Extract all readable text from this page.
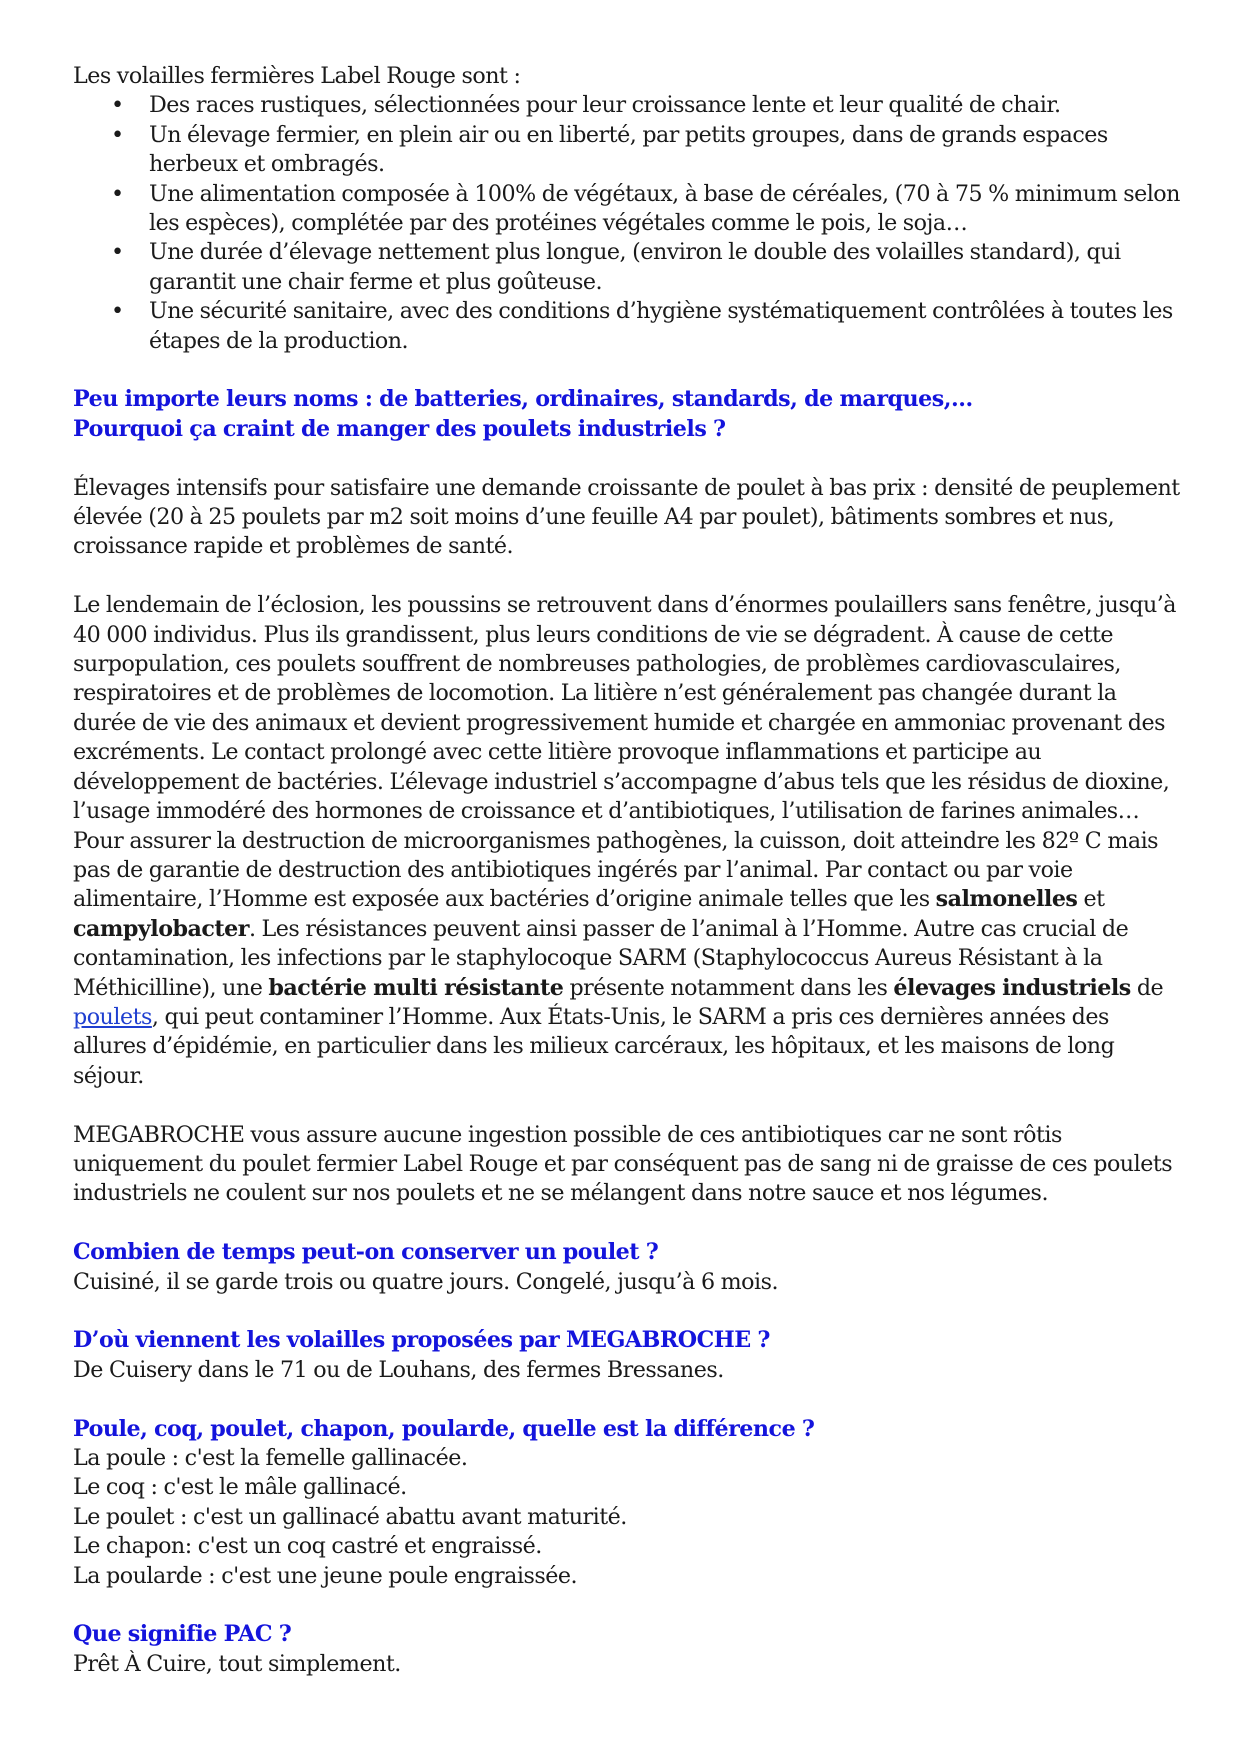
Les volailles fermières Label Rouge sont :

• Des races rustiques, sélectionnées pour leur croissance lente et leur qualité de chair.
• Un élevage fermier, en plein air ou en liberté, par petits groupes, dans de grands espaces herbeux et ombragés.
• Une alimentation composée à 100% de végétaux, à base de céréales, (70 à 75 % minimum selon les espèces), complétée par des protéines végétales comme le pois, le soja…
• Une durée d’élevage nettement plus longue, (environ le double des volailles standard), qui garantit une chair ferme et plus goûteuse.
• Une sécurité sanitaire, avec des conditions d’hygiène systématiquement contrôlées à toutes les étapes de la production.

Peu importe leurs noms : de batteries, ordinaires, standards, de marques,…

Pourquoi ça craint de manger des poulets industriels ?

Élevages intensifs pour satisfaire une demande croissante de poulet à bas prix : densité de peuplement élevée (20 à 25 poulets par m2 soit moins d’une feuille A4 par poulet), bâtiments sombres et nus, croissance rapide et problèmes de santé.

Le lendemain de l’éclosion, les poussins se retrouvent dans d’énormes poulaillers sans fenêtre, jusqu’à 40 000 individus. Plus ils grandissent, plus leurs conditions de vie se dégradent. À cause de cette surpopulation, ces poulets souffrent de nombreuses pathologies, de problèmes cardiovasculaires, respiratoires et de problèmes de locomotion. La litière n’est généralement pas changée durant la durée de vie des animaux et devient progressivement humide et chargée en ammoniac provenant des excréments. Le contact prolongé avec cette litière provoque inflammations et participe au développement de bactéries. L’élevage industriel s’accompagne d’abus tels que les résidus de dioxine, l’usage immodéré des hormones de croissance et d’antibiotiques, l’utilisation de farines animales… Pour assurer la destruction de microorganismes pathogènes, la cuisson, doit atteindre les 82º C mais pas de garantie de destruction des antibiotiques ingérés par l’animal. Par contact ou par voie alimentaire, l’Homme est exposée aux bactéries d’origine animale telles que les salmonelles et campylobacter. Les résistances peuvent ainsi passer de l’animal à l’Homme. Autre cas crucial de contamination, les infections par le staphylocoque SARM (Staphylococcus Aureus Résistant à la Méthicilline), une bactérie multi résistante présente notamment dans les élevages industriels de poulets, qui peut contaminer l’Homme. Aux États-Unis, le SARM a pris ces dernières années des allures d’épidémie, en particulier dans les milieux carcéraux, les hôpitaux, et les maisons de long séjour.

MEGABROCHE vous assure aucune ingestion possible de ces antibiotiques car ne sont rôtis uniquement du poulet fermier Label Rouge et par conséquent pas de sang ni de graisse de ces poulets industriels ne coulent sur nos poulets et ne se mélangent dans notre sauce et nos légumes.

Combien de temps peut-on conserver un poulet ?

Cuisiné, il se garde trois ou quatre jours. Congelé, jusqu’à 6 mois.

D’où viennent les volailles proposées par MEGABROCHE ?

De Cuisery dans le 71 ou de Louhans, des fermes Bressanes.

Poule, coq, poulet, chapon, poularde, quelle est la différence ?

La poule : c'est la femelle gallinacée.

Le coq : c'est le mâle gallinacé.

Le poulet : c'est un gallinacé abattu avant maturité.

Le chapon: c'est un coq castré et engraissé.

La poularde : c'est une jeune poule engraissée.

Que signifie PAC ?

Prêt À Cuire, tout simplement.
